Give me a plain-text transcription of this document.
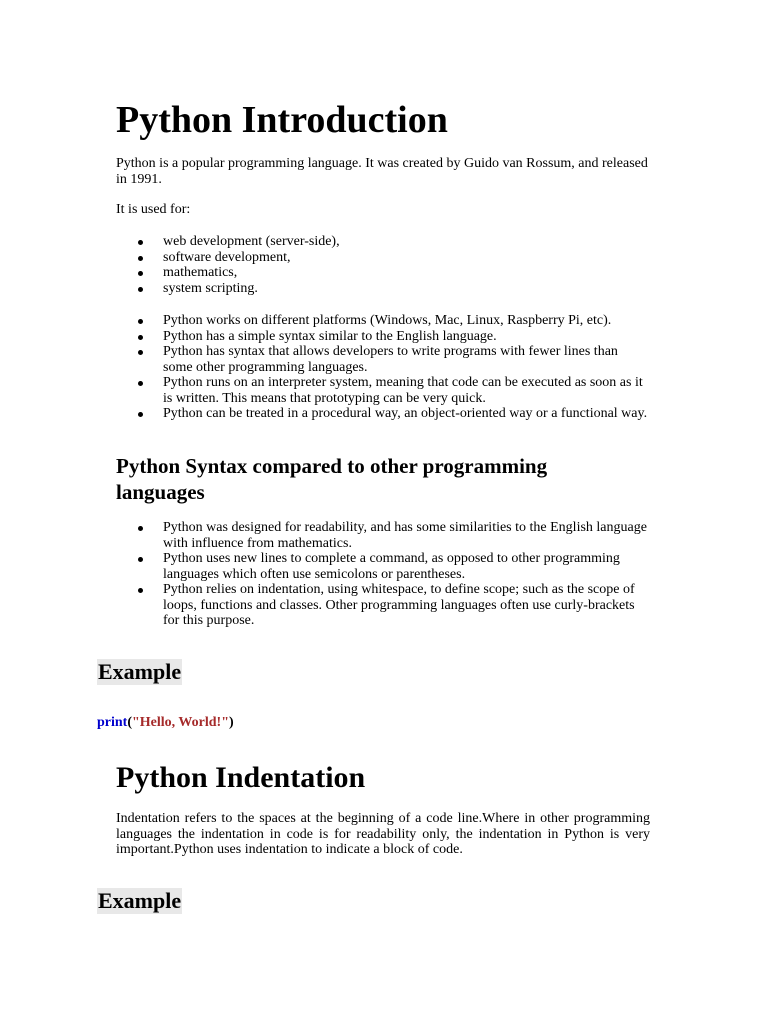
Python Introduction

Python is a popular programming language. It was created by Guido van Rossum, and released in 1991.

It is used for:

web development (server-side),
software development,
mathematics,
system scripting.
Python works on different platforms (Windows, Mac, Linux, Raspberry Pi, etc).
Python has a simple syntax similar to the English language.
Python has syntax that allows developers to write programs with fewer lines than some other programming languages.
Python runs on an interpreter system, meaning that code can be executed as soon as it is written. This means that prototyping can be very quick.
Python can be treated in a procedural way, an object-oriented way or a functional way.
Python Syntax compared to other programming languages
Python was designed for readability, and has some similarities to the English language with influence from mathematics.
Python uses new lines to complete a command, as opposed to other programming languages which often use semicolons or parentheses.
Python relies on indentation, using whitespace, to define scope; such as the scope of loops, functions and classes. Other programming languages often use curly-brackets for this purpose.
Example
print("Hello, World!")
Python Indentation

Indentation refers to the spaces at the beginning of a code line.Where in other programming languages the indentation in code is for readability only, the indentation in Python is very important.Python uses indentation to indicate a block of code.

Example
